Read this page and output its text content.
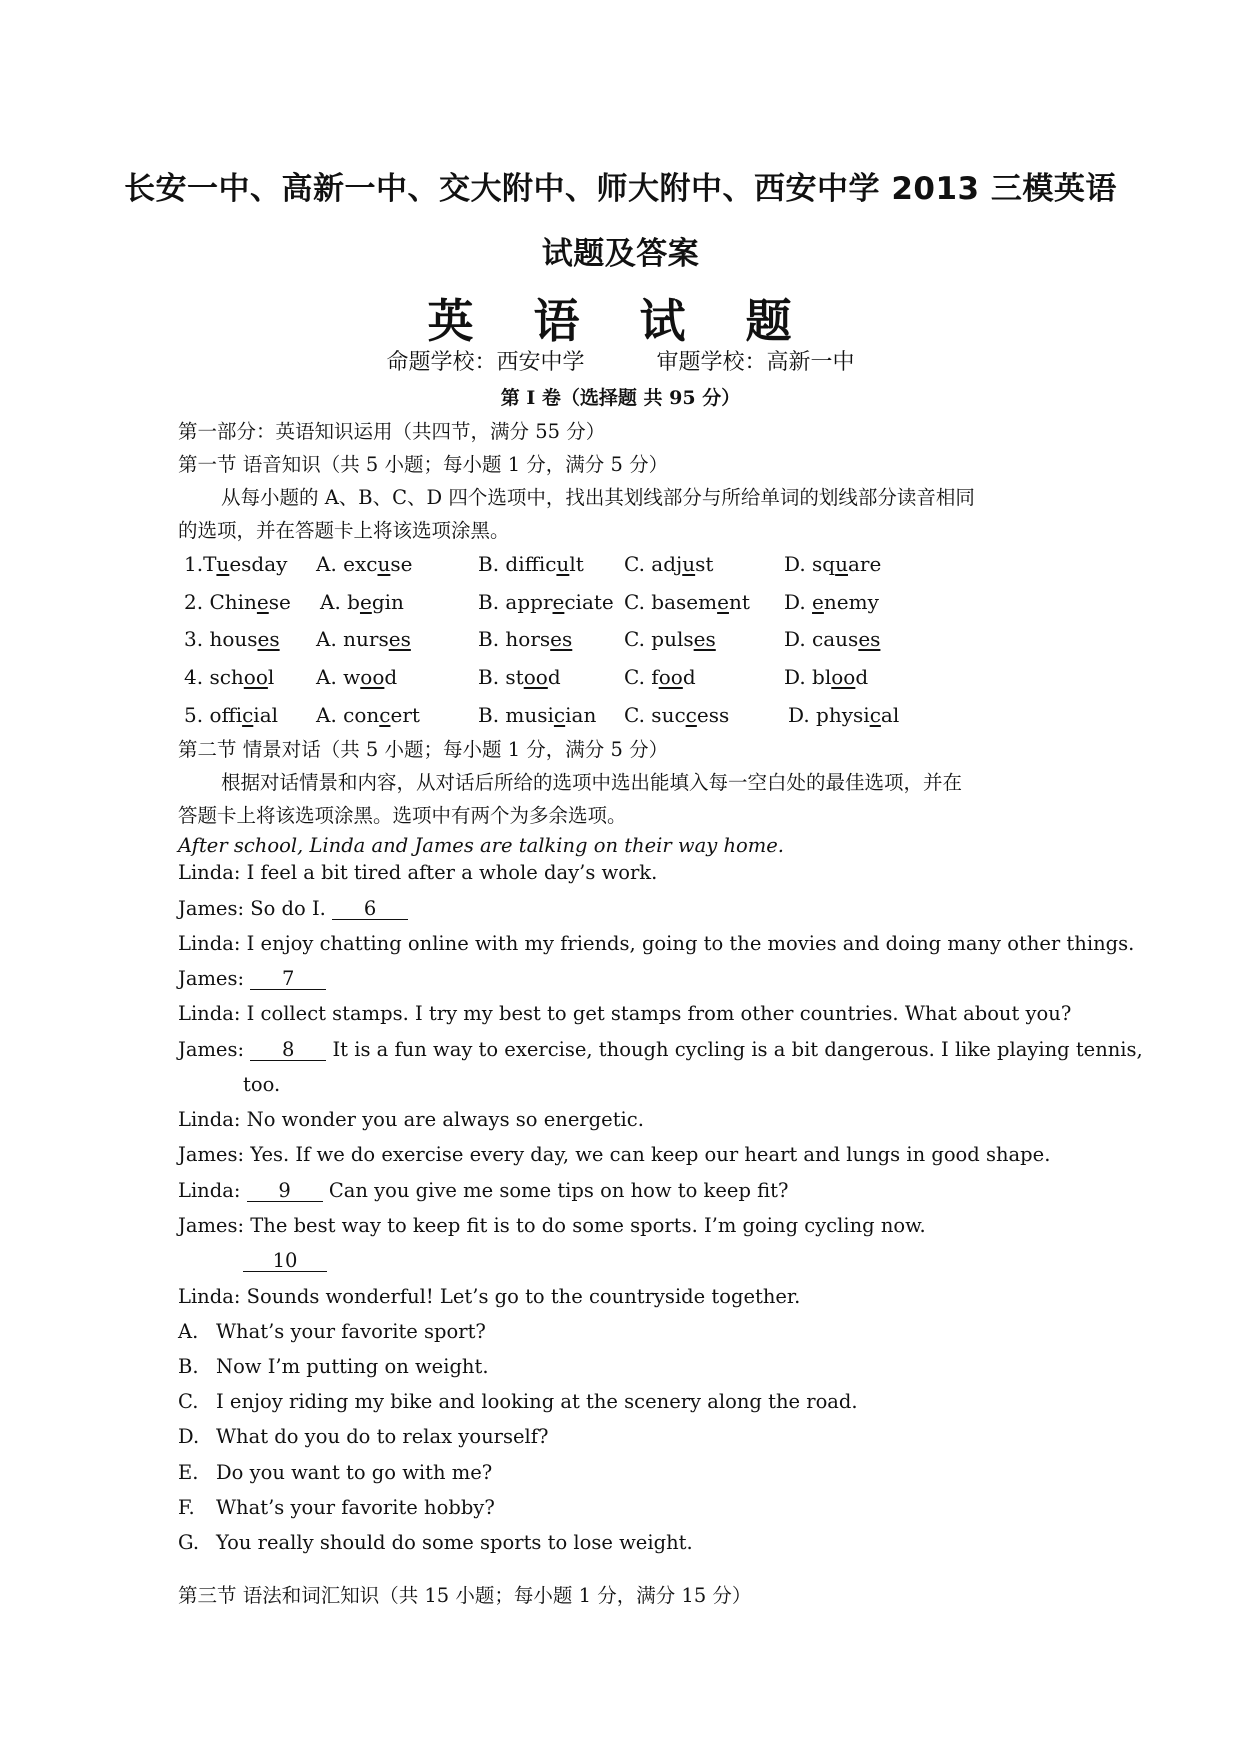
长安一中、高新一中、交大附中、师大附中、西安中学 2013 三模英语
试题及答案
英 语 试 题
命题学校：西安中学	审题学校：高新一中
第 I 卷（选择题 共 95 分）
第一部分：英语知识运用（共四节，满分 55 分）
第一节 语音知识（共 5 小题；每小题 1 分，满分 5 分）
从每小题的 A、B、C、D 四个选项中，找出其划线部分与所给单词的划线部分读音相同
的选项，并在答题卡上将该选项涂黑。
1.Tuesday A. excuse	B. difficult C. adjust	D. square
2. Chinese A. begin	B. appreciate C. basement D. enemy
3. houses A. nurses	B. horses	C. pulses	D. causes
4. school A. wood	B. stood	C. food	D. blood
5. official A. concert	B. musician C. success	D. physical
第二节 情景对话（共 5 小题；每小题 1 分，满分 5 分）
根据对话情景和内容，从对话后所给的选项中选出能填入每一空白处的最佳选项，并在
答题卡上将该选项涂黑。选项中有两个为多余选项。
After school, Linda and James are talking on their way home.
Linda: I feel a bit tired after a whole day’s work.
James: So do I. 6
Linda: I enjoy chatting online with my friends, going to the movies and doing many other things.
James: 7
Linda: I collect stamps. I try my best to get stamps from other countries. What about you?
James: 8 It is a fun way to exercise, though cycling is a bit dangerous. I like playing tennis,
too.
Linda: No wonder you are always so energetic.
James: Yes. If we do exercise every day, we can keep our heart and lungs in good shape.
Linda: 9 Can you give me some tips on how to keep fit?
James: The best way to keep fit is to do some sports. I’m going cycling now.
10
Linda: Sounds wonderful! Let’s go to the countryside together.
A. What’s your favorite sport?
B. Now I’m putting on weight.
C. I enjoy riding my bike and looking at the scenery along the road.
D. What do you do to relax yourself?
E. Do you want to go with me?
F. What’s your favorite hobby?
G. You really should do some sports to lose weight.
第三节 语法和词汇知识（共 15 小题；每小题 1 分，满分 15 分）
